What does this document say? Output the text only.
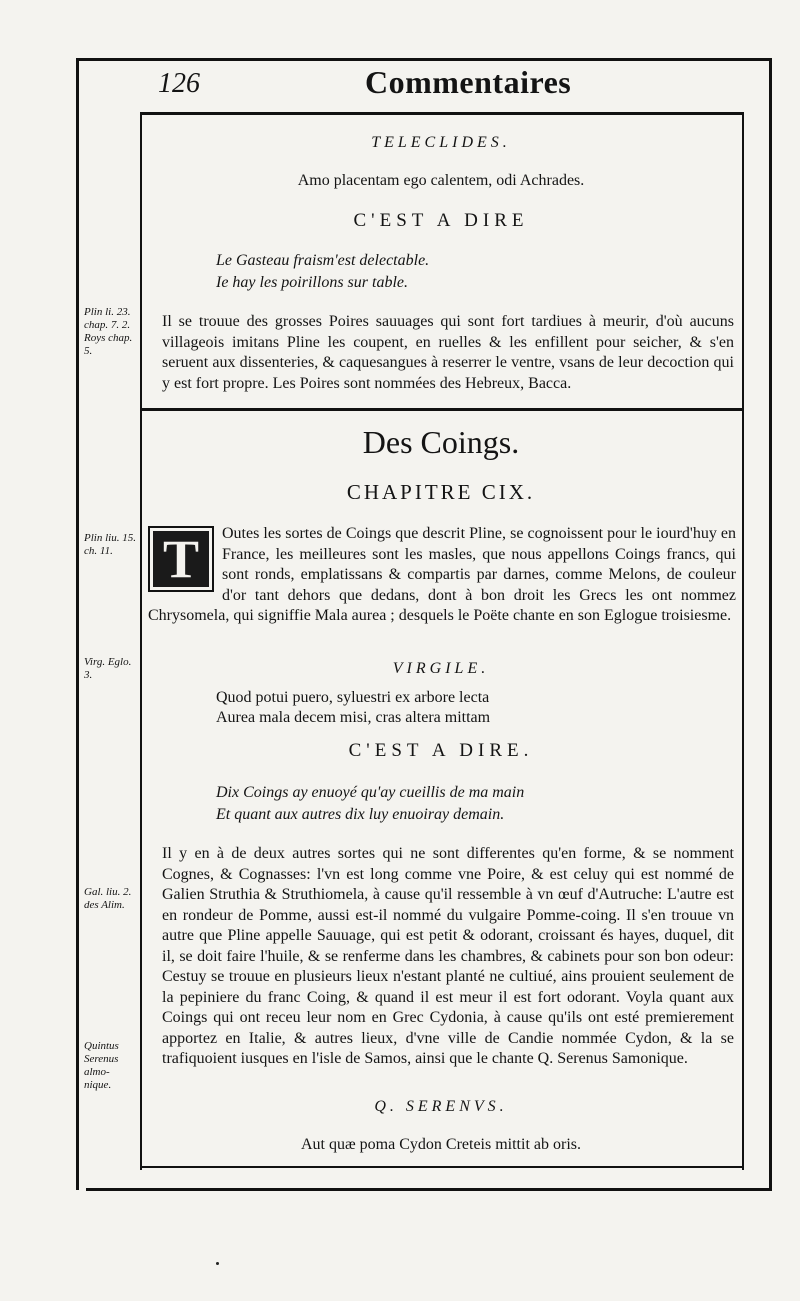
126	Commentaires
TELECLIDES.
Amo placentam ego calentem, odi Achrades.
C'EST A DIRE
Le Gasteau fraism'est delectable.
Ie hay les poirillons sur table.
Il se trouue des grosses Poires sauuages qui sont fort tardiues à meurir, d'où aucuns villageois imitans Pline les coupent, en ruelles & les enfillent pour seicher, & s'en seruent aux dissenteries, & caquesangues à reserrer le ventre, vsans de leur decoction qui y est fort propre. Les Poires sont nommées des Hebreux, Bacca.
Des Coings.
CHAPITRE CIX.
T	Outes les sortes de Coings que descrit Pline, se cognoissent pour le iourd'huy en France, les meilleures sont les masles, que nous appellons Coings francs, qui sont ronds, emplatissans & compartis par darnes, comme Melons, de couleur d'or tant dehors que dedans, dont à bon droit les Grecs les ont nommez Chrysomela, qui signiffie Mala aurea ; desquels le Poëte chante en son Eglogue troisiesme.
VIRGILE.
Quod potui puero, syluestri ex arbore lecta
Aurea mala decem misi, cras altera mittam
C'EST A DIRE.
Dix Coings ay enuoyé qu'ay cueillis de ma main
Et quant aux autres dix luy enuoiray demain.
Il y en à de deux autres sortes qui ne sont differentes qu'en forme, & se nomment Cognes, & Cognasses: l'vn est long comme vne Poire, & est celuy qui est nommé de Galien Struthia & Struthiomela, à cause qu'il ressemble à vn œuf d'Autruche: L'autre est en rondeur de Pomme, aussi est-il nommé du vulgaire Pomme-coing. Il s'en trouue vn autre que Pline appelle Sauuage, qui est petit & odorant, croissant és hayes, duquel, dit il, se doit faire l'huile, & se renferme dans les chambres, & cabinets pour son bon odeur: Cestuy se trouue en plusieurs lieux n'estant planté ne cultiué, ains prouient seulement de la pepiniere du franc Coing, & quand il est meur il est fort odorant. Voyla quant aux Coings qui ont receu leur nom en Grec Cydonia, à cause qu'ils ont esté premierement apportez en Italie, & autres lieux, d'vne ville de Candie nommée Cydon, & la se trafiquoient iusques en l'isle de Samos, ainsi que le chante Q. Serenus Samonique.
Q. SERENVS.
Aut quæ poma Cydon Creteis mittit ab oris.
Plin li. 23. chap. 7. 2. Roys chap. 5.
Plin liu. 15. ch. 11.
Virg. Eglo. 3.
Gal. liu. 2. des Alim.
Quintus Serenus almo- nique.
